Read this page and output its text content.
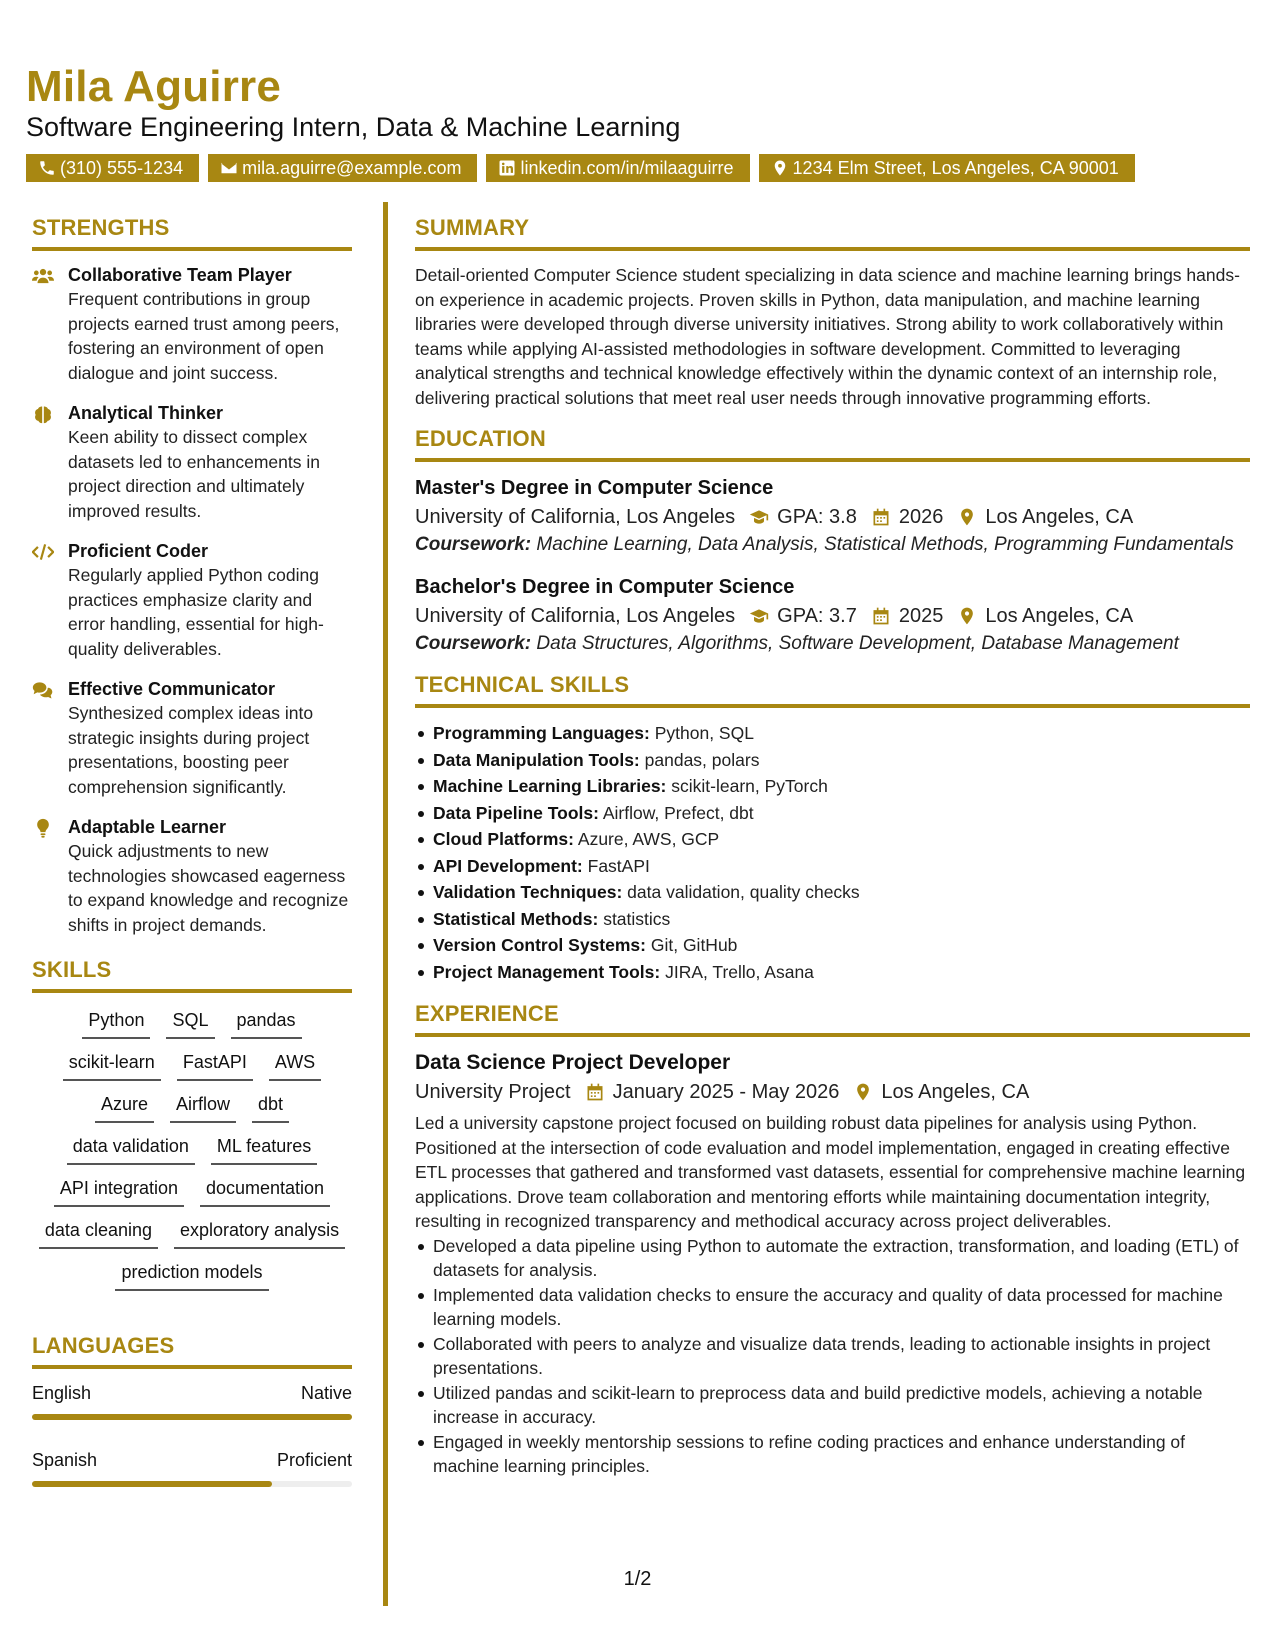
Mila Aguirre
Software Engineering Intern, Data & Machine Learning
(310) 555-1234	mila.aguirre@example.com	linkedin.com/in/milaaguirre	1234 Elm Street, Los Angeles, CA 90001
STRENGTHS
Collaborative Team Player
Frequent contributions in group projects earned trust among peers, fostering an environment of open dialogue and joint success.
Analytical Thinker
Keen ability to dissect complex datasets led to enhancements in project direction and ultimately improved results.
Proficient Coder
Regularly applied Python coding practices emphasize clarity and error handling, essential for high-quality deliverables.
Effective Communicator
Synthesized complex ideas into strategic insights during project presentations, boosting peer comprehension significantly.
Adaptable Learner
Quick adjustments to new technologies showcased eagerness to expand knowledge and recognize shifts in project demands.
SKILLS
Python	SQL	pandas
scikit-learn	FastAPI	AWS
Azure	Airflow	dbt
data validation	ML features
API integration	documentation
data cleaning	exploratory analysis
prediction models
LANGUAGES
English	Native
Spanish	Proficient
SUMMARY
Detail-oriented Computer Science student specializing in data science and machine learning brings hands-on experience in academic projects. Proven skills in Python, data manipulation, and machine learning libraries were developed through diverse university initiatives. Strong ability to work collaboratively within teams while applying AI-assisted methodologies in software development. Committed to leveraging analytical strengths and technical knowledge effectively within the dynamic context of an internship role, delivering practical solutions that meet real user needs through innovative programming efforts.
EDUCATION
Master's Degree in Computer Science
University of California, Los Angeles GPA: 3.8 2026 Los Angeles, CA
Coursework: Machine Learning, Data Analysis, Statistical Methods, Programming Fundamentals
Bachelor's Degree in Computer Science
University of California, Los Angeles GPA: 3.7 2025 Los Angeles, CA
Coursework: Data Structures, Algorithms, Software Development, Database Management
TECHNICAL SKILLS
Programming Languages: Python, SQL
Data Manipulation Tools: pandas, polars
Machine Learning Libraries: scikit-learn, PyTorch
Data Pipeline Tools: Airflow, Prefect, dbt
Cloud Platforms: Azure, AWS, GCP
API Development: FastAPI
Validation Techniques: data validation, quality checks
Statistical Methods: statistics
Version Control Systems: Git, GitHub
Project Management Tools: JIRA, Trello, Asana
EXPERIENCE
Data Science Project Developer
University Project January 2025 - May 2026 Los Angeles, CA
Led a university capstone project focused on building robust data pipelines for analysis using Python. Positioned at the intersection of code evaluation and model implementation, engaged in creating effective ETL processes that gathered and transformed vast datasets, essential for comprehensive machine learning applications. Drove team collaboration and mentoring efforts while maintaining documentation integrity, resulting in recognized transparency and methodical accuracy across project deliverables.
Developed a data pipeline using Python to automate the extraction, transformation, and loading (ETL) of datasets for analysis.
Implemented data validation checks to ensure the accuracy and quality of data processed for machine learning models.
Collaborated with peers to analyze and visualize data trends, leading to actionable insights in project presentations.
Utilized pandas and scikit-learn to preprocess data and build predictive models, achieving a notable increase in accuracy.
Engaged in weekly mentorship sessions to refine coding practices and enhance understanding of machine learning principles.
1/2
